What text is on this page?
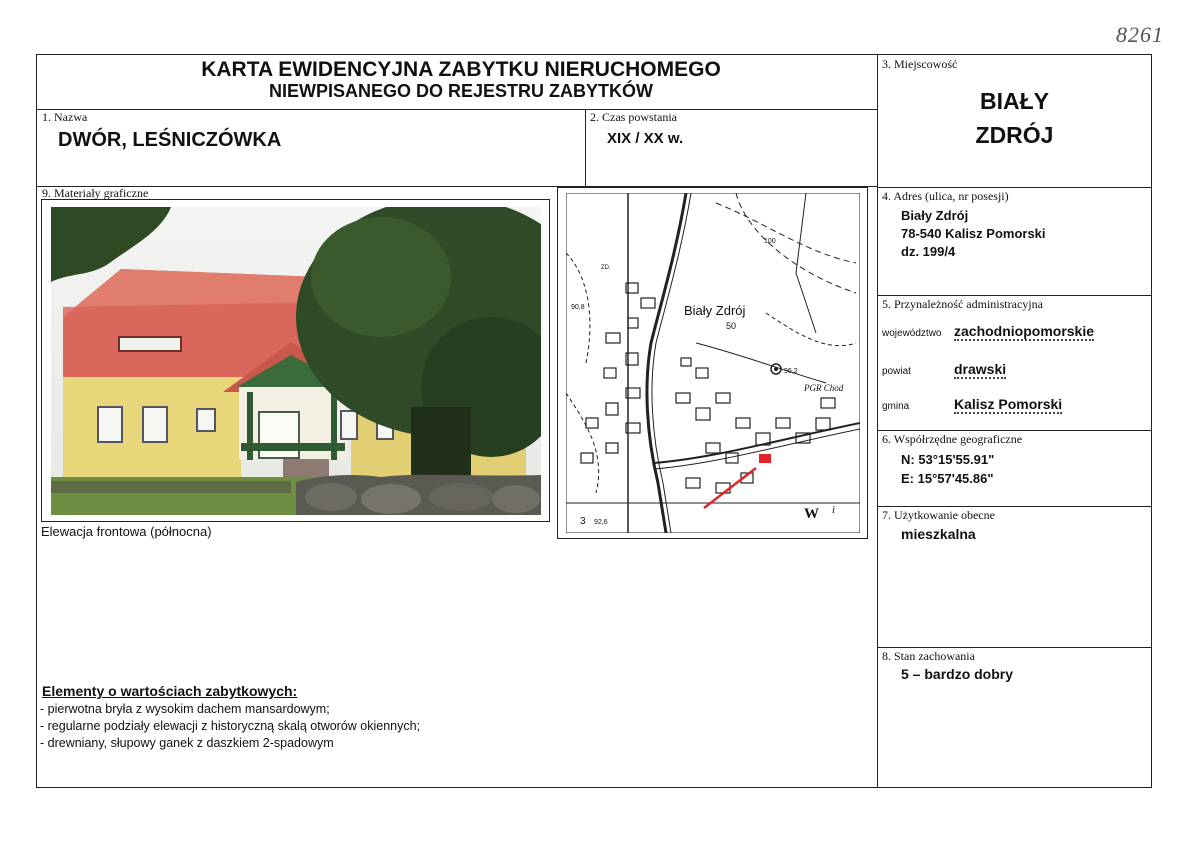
8261
KARTA EWIDENCYJNA ZABYTKU NIERUCHOMEGO
NIEWPISANEGO DO REJESTRU ZABYTKÓW
1. Nazwa
DWÓR, LEŚNICZÓWKA
2. Czas powstania
XIX / XX w.
3. Miejscowość
BIAŁY
ZDRÓJ
4. Adres (ulica, nr posesji)
Biały Zdrój
78-540 Kalisz Pomorski
dz. 199/4
5. Przynależność administracyjna
województwo zachodniopomorskie
powiat	drawski
gmina	Kalisz Pomorski
6. Współrzędne geograficzne
N: 53°15'55.91"
E: 15°57'45.86"
7. Użytkowanie obecne
mieszkalna
8. Stan zachowania
5 – bardzo dobry
9. Materiały graficzne
Elewacja frontowa (północna)
Biały Zdrój
50
100
90,8
96,2
PGR Chod
W i
3 92,6
ZD.
Elementy o wartościach zabytkowych:
- pierwotna bryła z wysokim dachem mansardowym;
- regularne podziały elewacji z historyczną skalą otworów okiennych;
- drewniany, słupowy ganek z daszkiem 2-spadowym
